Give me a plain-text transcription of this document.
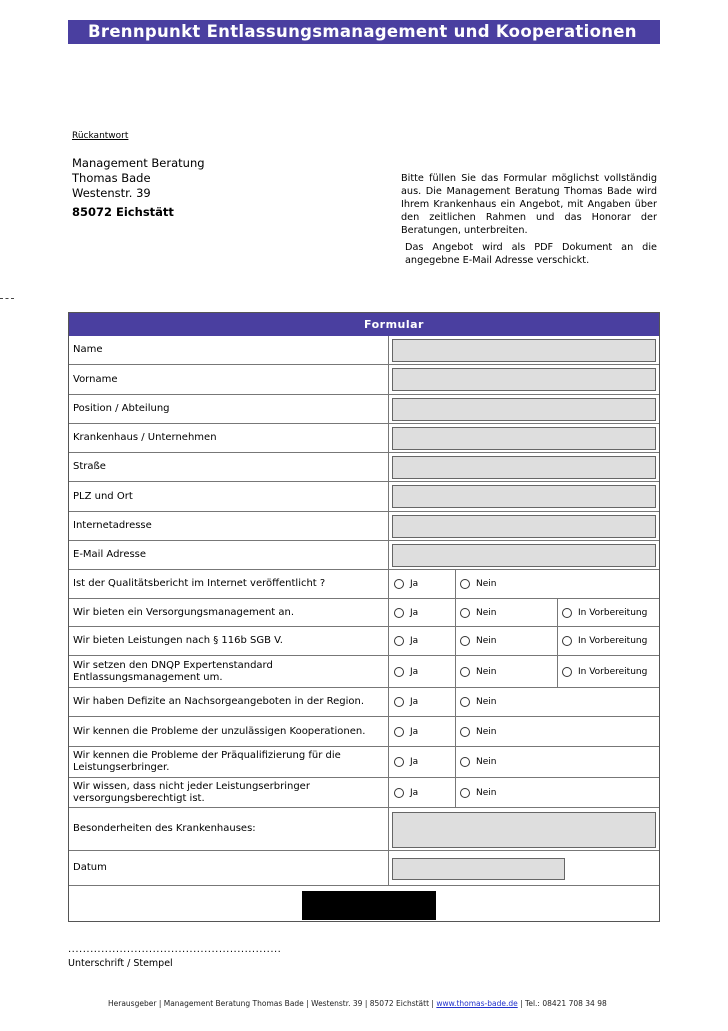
Brennpunkt Entlassungsmanagement und Kooperationen
Rückantwort
Management Beratung
Thomas Bade
Westenstr. 39
85072 Eichstätt
Bitte füllen Sie das Formular möglichst vollständig aus. Die Management Beratung Thomas Bade wird Ihrem Krankenhaus ein Angebot, mit Angaben über den zeitlichen Rahmen und das Honorar der Beratungen, unterbreiten.
Das Angebot wird als PDF Dokument an die angegebne E-Mail Adresse verschickt.
Formular
Name
Vorname
Position / Abteilung
Krankenhaus / Unternehmen
Straße
PLZ und Ort
Internetadresse
E-Mail Adresse
Ist der Qualitätsbericht im Internet veröffentlicht ?	Ja	Nein
Wir bieten ein Versorgungsmanagement an.	Ja	Nein	In Vorbereitung
Wir bieten Leistungen nach § 116b SGB V.	Ja	Nein	In Vorbereitung
Wir setzen den DNQP Expertenstandard Entlassungsmanagement um.	Ja	Nein	In Vorbereitung
Wir haben Defizite an Nachsorgeangeboten in der Region.	Ja	Nein
Wir kennen die Probleme der unzulässigen Kooperationen.	Ja	Nein
Wir kennen die Probleme der Präqualifizierung für die Leistungserbringer.	Ja	Nein
Wir wissen, dass nicht jeder Leistungserbringer versorgungsberechtigt ist.	Ja	Nein
Besonderheiten des Krankenhauses:
Datum
..........................................................
Unterschrift / Stempel
Herausgeber | Management Beratung Thomas Bade | Westenstr. 39 | 85072 Eichstätt | www.thomas-bade.de | Tel.: 08421 708 34 98
